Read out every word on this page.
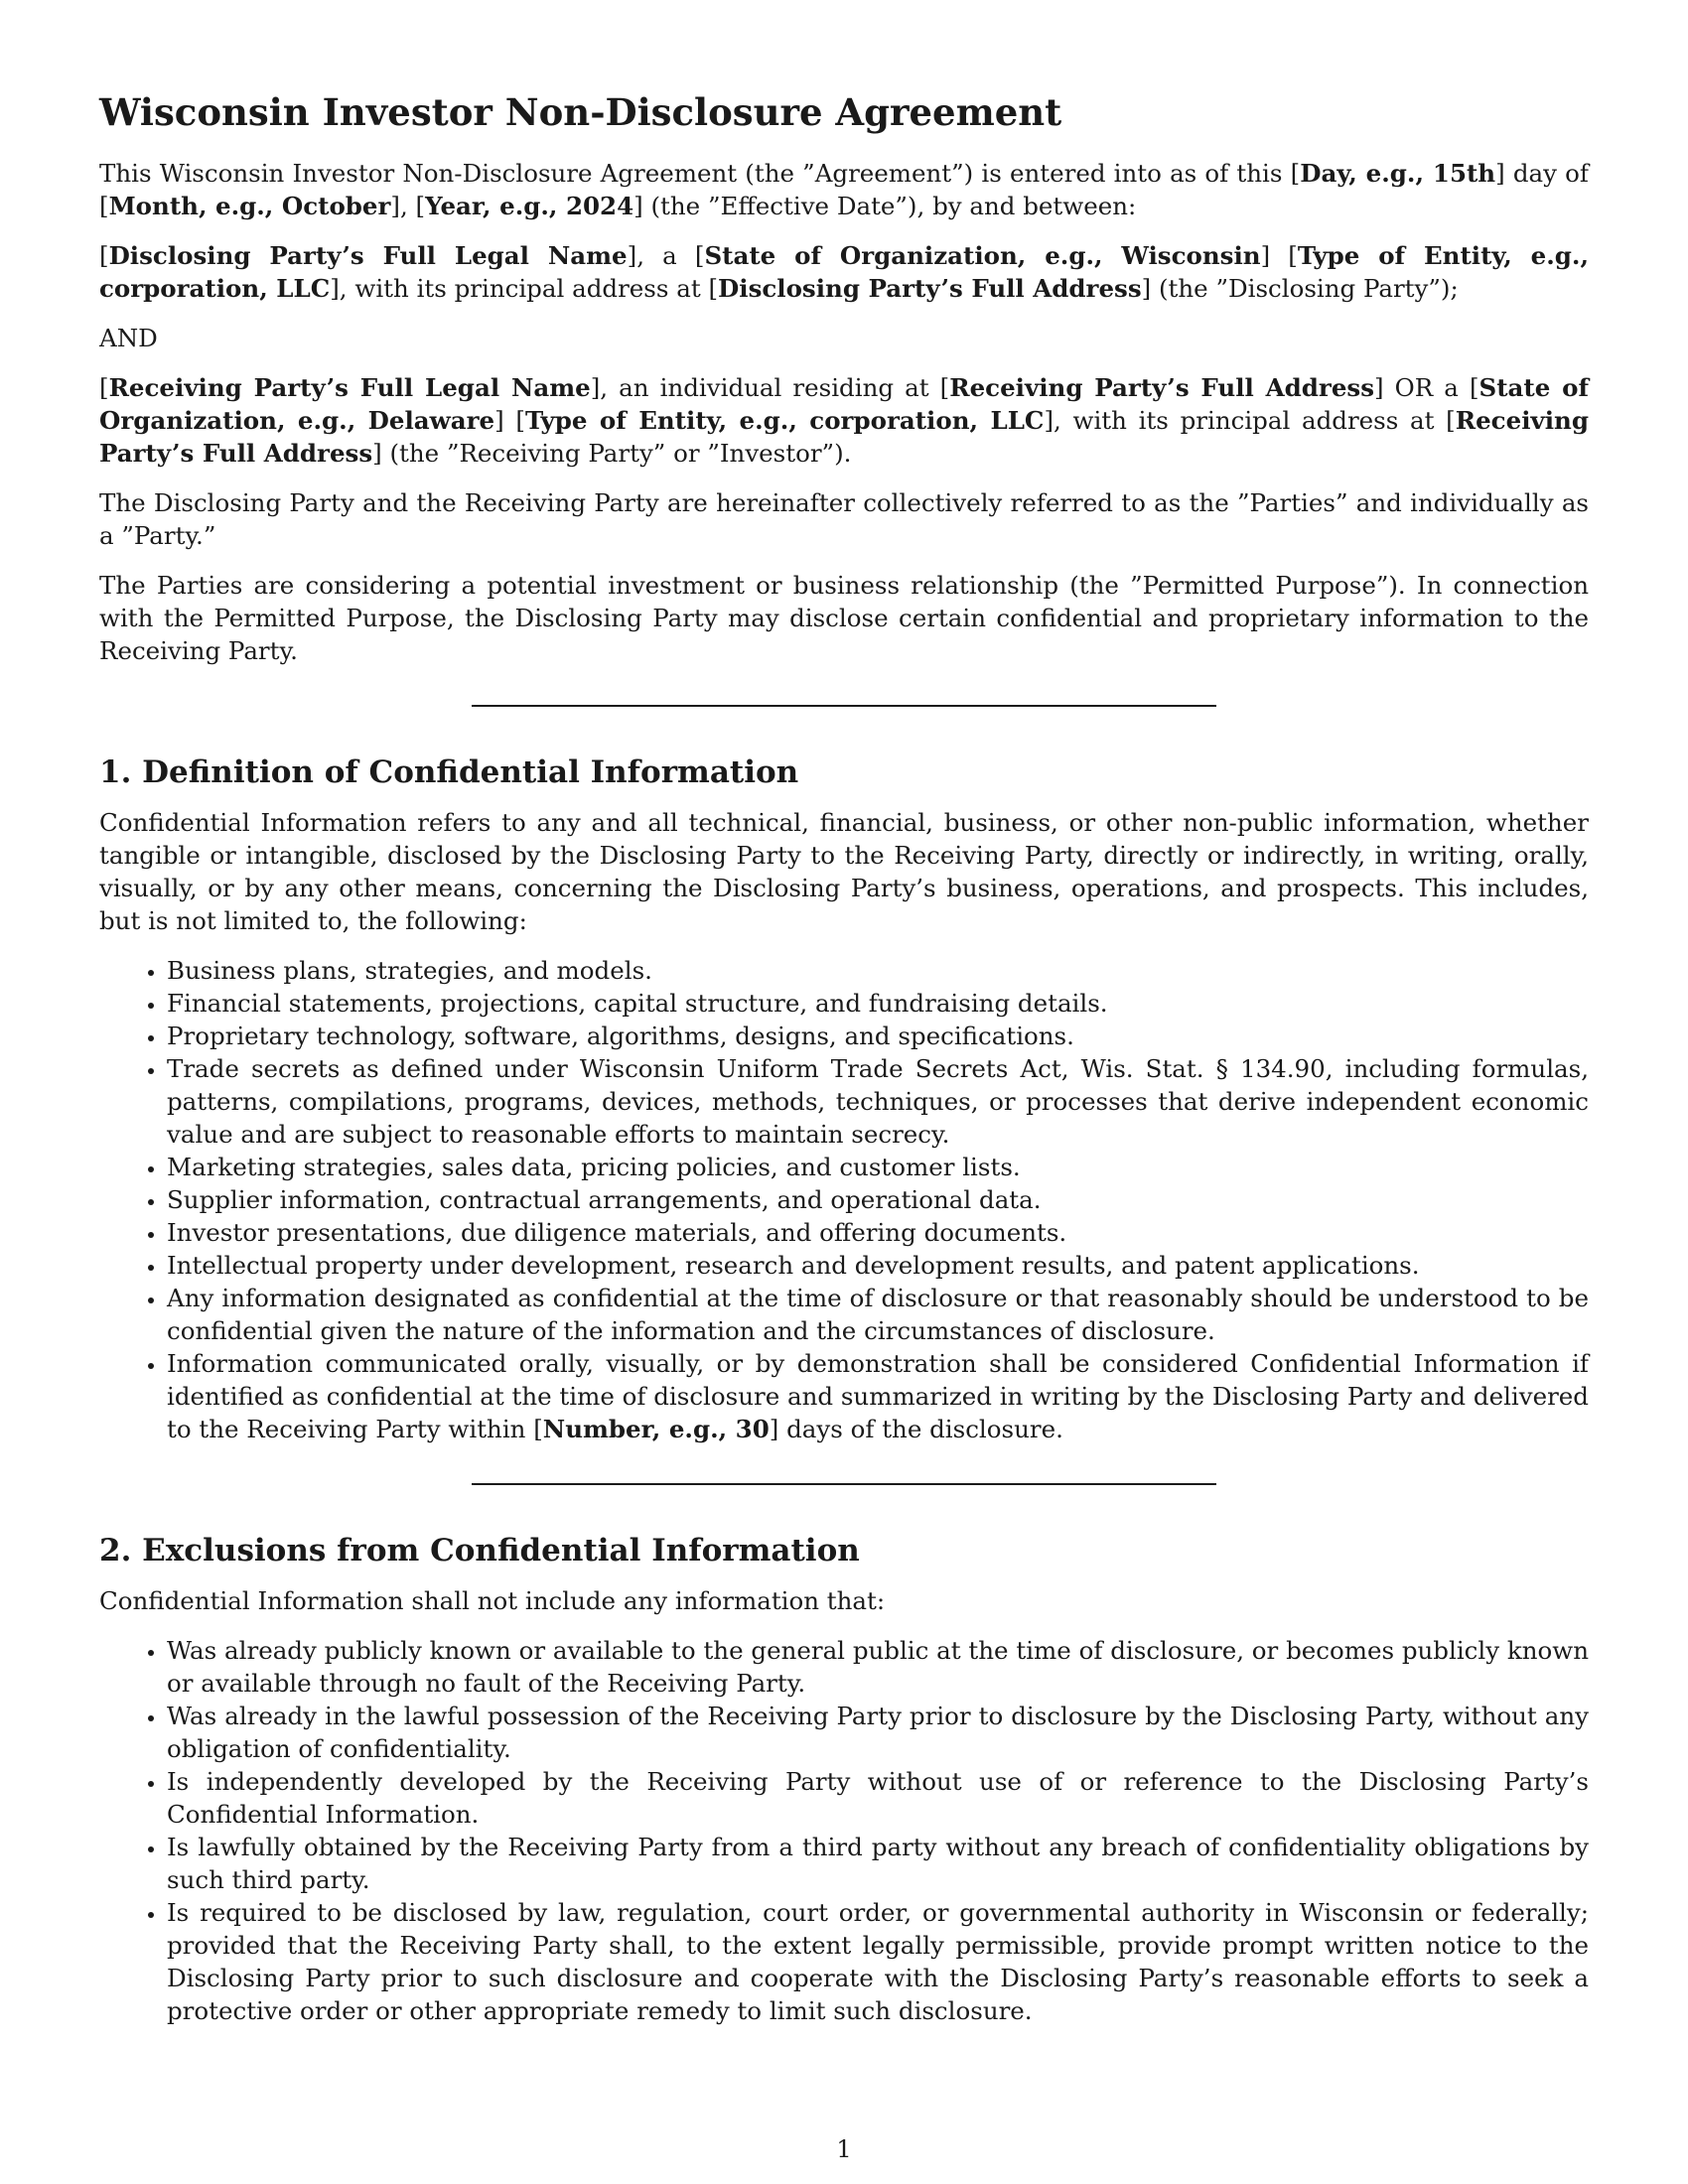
Wisconsin Investor Non-Disclosure Agreement

This Wisconsin Investor Non-Disclosure Agreement (the ”Agreement”) is entered into as of this [Day, e.g., 15th] day of [Month, e.g., October], [Year, e.g., 2024] (the ”Effective Date”), by and between:

[Disclosing Party’s Full Legal Name], a [State of Organization, e.g., Wisconsin] [Type of Entity, e.g., corporation, LLC], with its principal address at [Disclosing Party’s Full Address] (the ”Disclosing Party”);

AND

[Receiving Party’s Full Legal Name], an individual residing at [Receiving Party’s Full Address] OR a [State of Organization, e.g., Delaware] [Type of Entity, e.g., corporation, LLC], with its principal address at [Receiving Party’s Full Address] (the ”Receiving Party” or ”Investor”).

The Disclosing Party and the Receiving Party are hereinafter collectively referred to as the ”Parties” and individually as a ”Party.”

The Parties are considering a potential investment or business relationship (the ”Permitted Purpose”). In connection with the Permitted Purpose, the Disclosing Party may disclose certain confidential and proprietary information to the Receiving Party.

1. Definition of Confidential Information

Confidential Information refers to any and all technical, financial, business, or other non-public information, whether tangible or intangible, disclosed by the Disclosing Party to the Receiving Party, directly or indirectly, in writing, orally, visually, or by any other means, concerning the Disclosing Party’s business, operations, and prospects. This includes, but is not limited to, the following:

• Business plans, strategies, and models.
• Financial statements, projections, capital structure, and fundraising details.
• Proprietary technology, software, algorithms, designs, and specifications.
• Trade secrets as defined under Wisconsin Uniform Trade Secrets Act, Wis. Stat. § 134.90, including formulas, patterns, compilations, programs, devices, methods, techniques, or processes that derive independent economic value and are subject to reasonable efforts to maintain secrecy.
• Marketing strategies, sales data, pricing policies, and customer lists.
• Supplier information, contractual arrangements, and operational data.
• Investor presentations, due diligence materials, and offering documents.
• Intellectual property under development, research and development results, and patent applications.
• Any information designated as confidential at the time of disclosure or that reasonably should be understood to be confidential given the nature of the information and the circumstances of disclosure.
• Information communicated orally, visually, or by demonstration shall be considered Confidential Information if identified as confidential at the time of disclosure and summarized in writing by the Disclosing Party and delivered to the Receiving Party within [Number, e.g., 30] days of the disclosure.
2. Exclusions from Confidential Information

Confidential Information shall not include any information that:

• Was already publicly known or available to the general public at the time of disclosure, or becomes publicly known or available through no fault of the Receiving Party.
• Was already in the lawful possession of the Receiving Party prior to disclosure by the Disclosing Party, without any obligation of confidentiality.
• Is independently developed by the Receiving Party without use of or reference to the Disclosing Party’s Confidential Information.
• Is lawfully obtained by the Receiving Party from a third party without any breach of confidentiality obligations by such third party.
• Is required to be disclosed by law, regulation, court order, or governmental authority in Wisconsin or federally; provided that the Receiving Party shall, to the extent legally permissible, provide prompt written notice to the Disclosing Party prior to such disclosure and cooperate with the Disclosing Party’s reasonable efforts to seek a protective order or other appropriate remedy to limit such disclosure.
1
